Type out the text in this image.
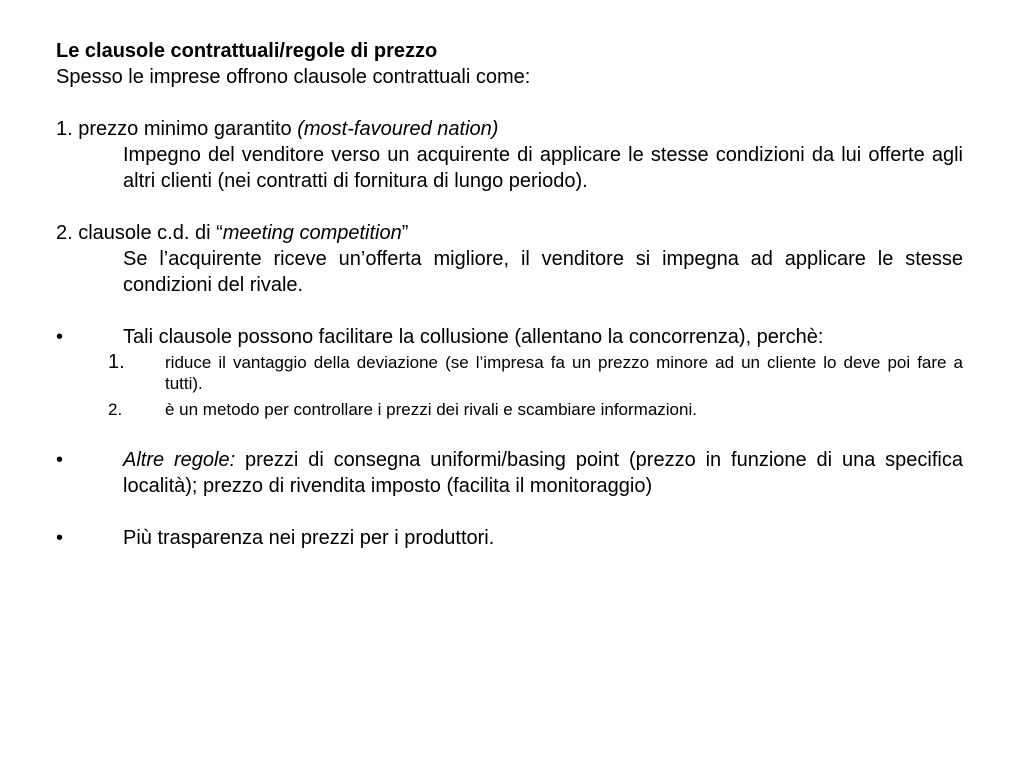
Le clausole contrattuali/regole di prezzo

Spesso le imprese offrono clausole contrattuali come:

1. prezzo minimo garantito (most-favoured nation)

Impegno del venditore verso un acquirente di applicare le stesse condizioni da lui offerte agli altri clienti (nei contratti di fornitura di lungo periodo).

2. clausole c.d. di “meeting competition”

Se l’acquirente riceve un’offerta migliore, il venditore si impegna ad applicare le stesse condizioni del rivale.

•	Tali clausole possono facilitare la collusione (allentano la concorrenza), perchè:
1.	riduce il vantaggio della deviazione (se l’impresa fa un prezzo minore ad un cliente lo deve poi fare a tutti).
2.	è un metodo per controllare i prezzi dei rivali e scambiare informazioni.
•	Altre regole: prezzi di consegna uniformi/basing point (prezzo in funzione di una specifica località); prezzo di rivendita imposto (facilita il monitoraggio)
•	Più trasparenza nei prezzi per i produttori.
